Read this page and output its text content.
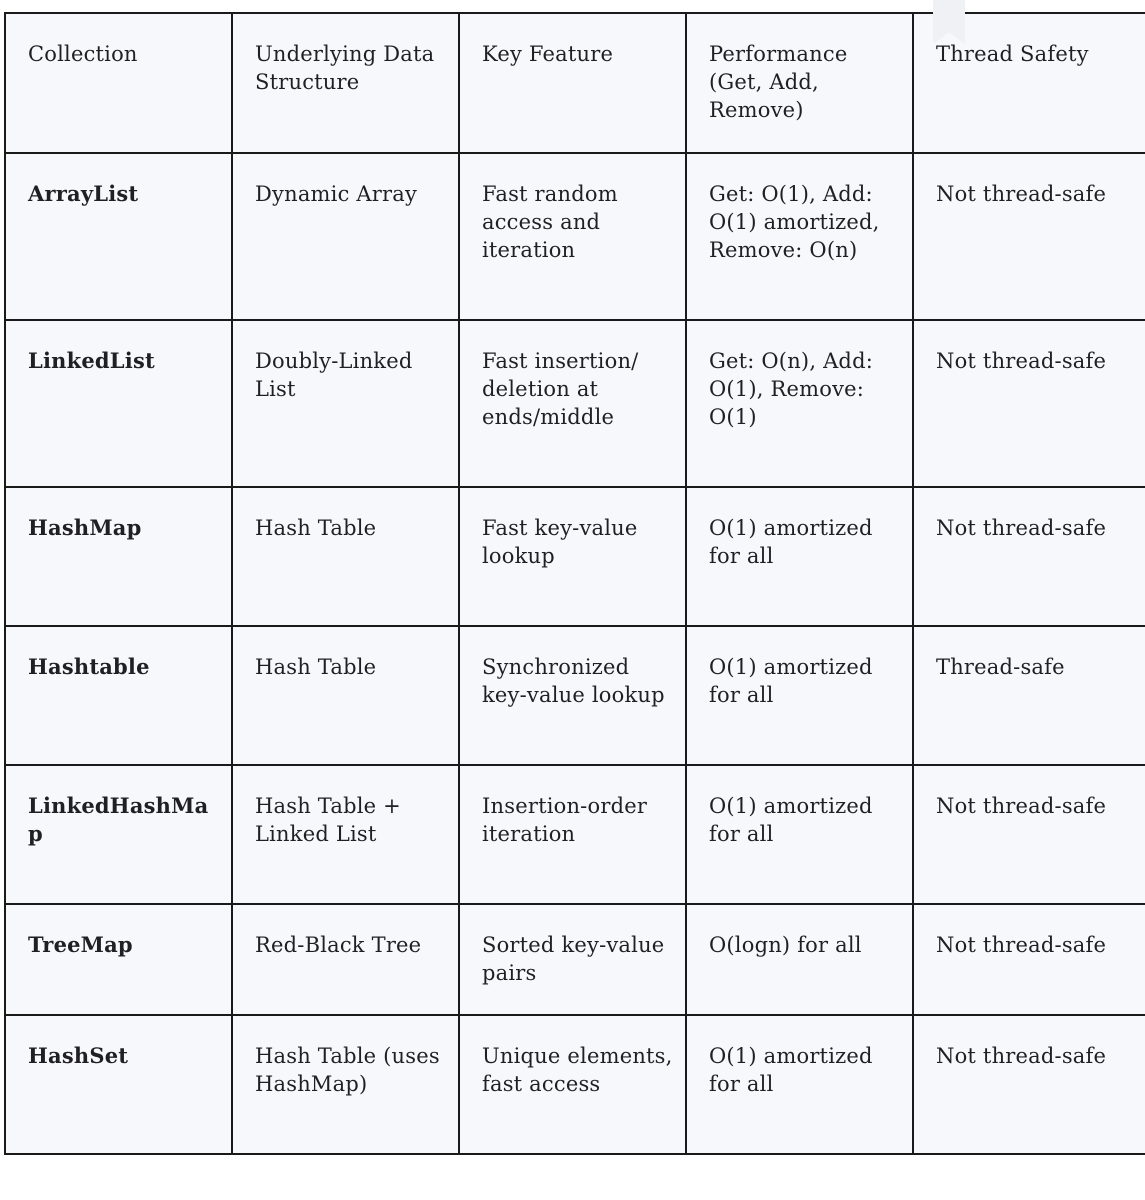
Collection	Underlying Data Structure	Key Feature	Performance (Get, Add, Remove)	Thread Safety
ArrayList	Dynamic Array	Fast random access and iteration	Get: O(1), Add: O(1) amortized, Remove: O(n)	Not thread-safe
LinkedList	Doubly-Linked List	Fast insertion/ deletion at ends/middle	Get: O(n), Add: O(1), Remove: O(1)	Not thread-safe
HashMap	Hash Table	Fast key-value lookup	O(1) amortized for all	Not thread-safe
Hashtable	Hash Table	Synchronized key-value lookup	O(1) amortized for all	Thread-safe
LinkedHashMap	Hash Table + Linked List	Insertion-order iteration	O(1) amortized for all	Not thread-safe
TreeMap	Red-Black Tree	Sorted key-value pairs	O(logn) for all	Not thread-safe
HashSet	Hash Table (uses HashMap)	Unique elements, fast access	O(1) amortized for all	Not thread-safe
